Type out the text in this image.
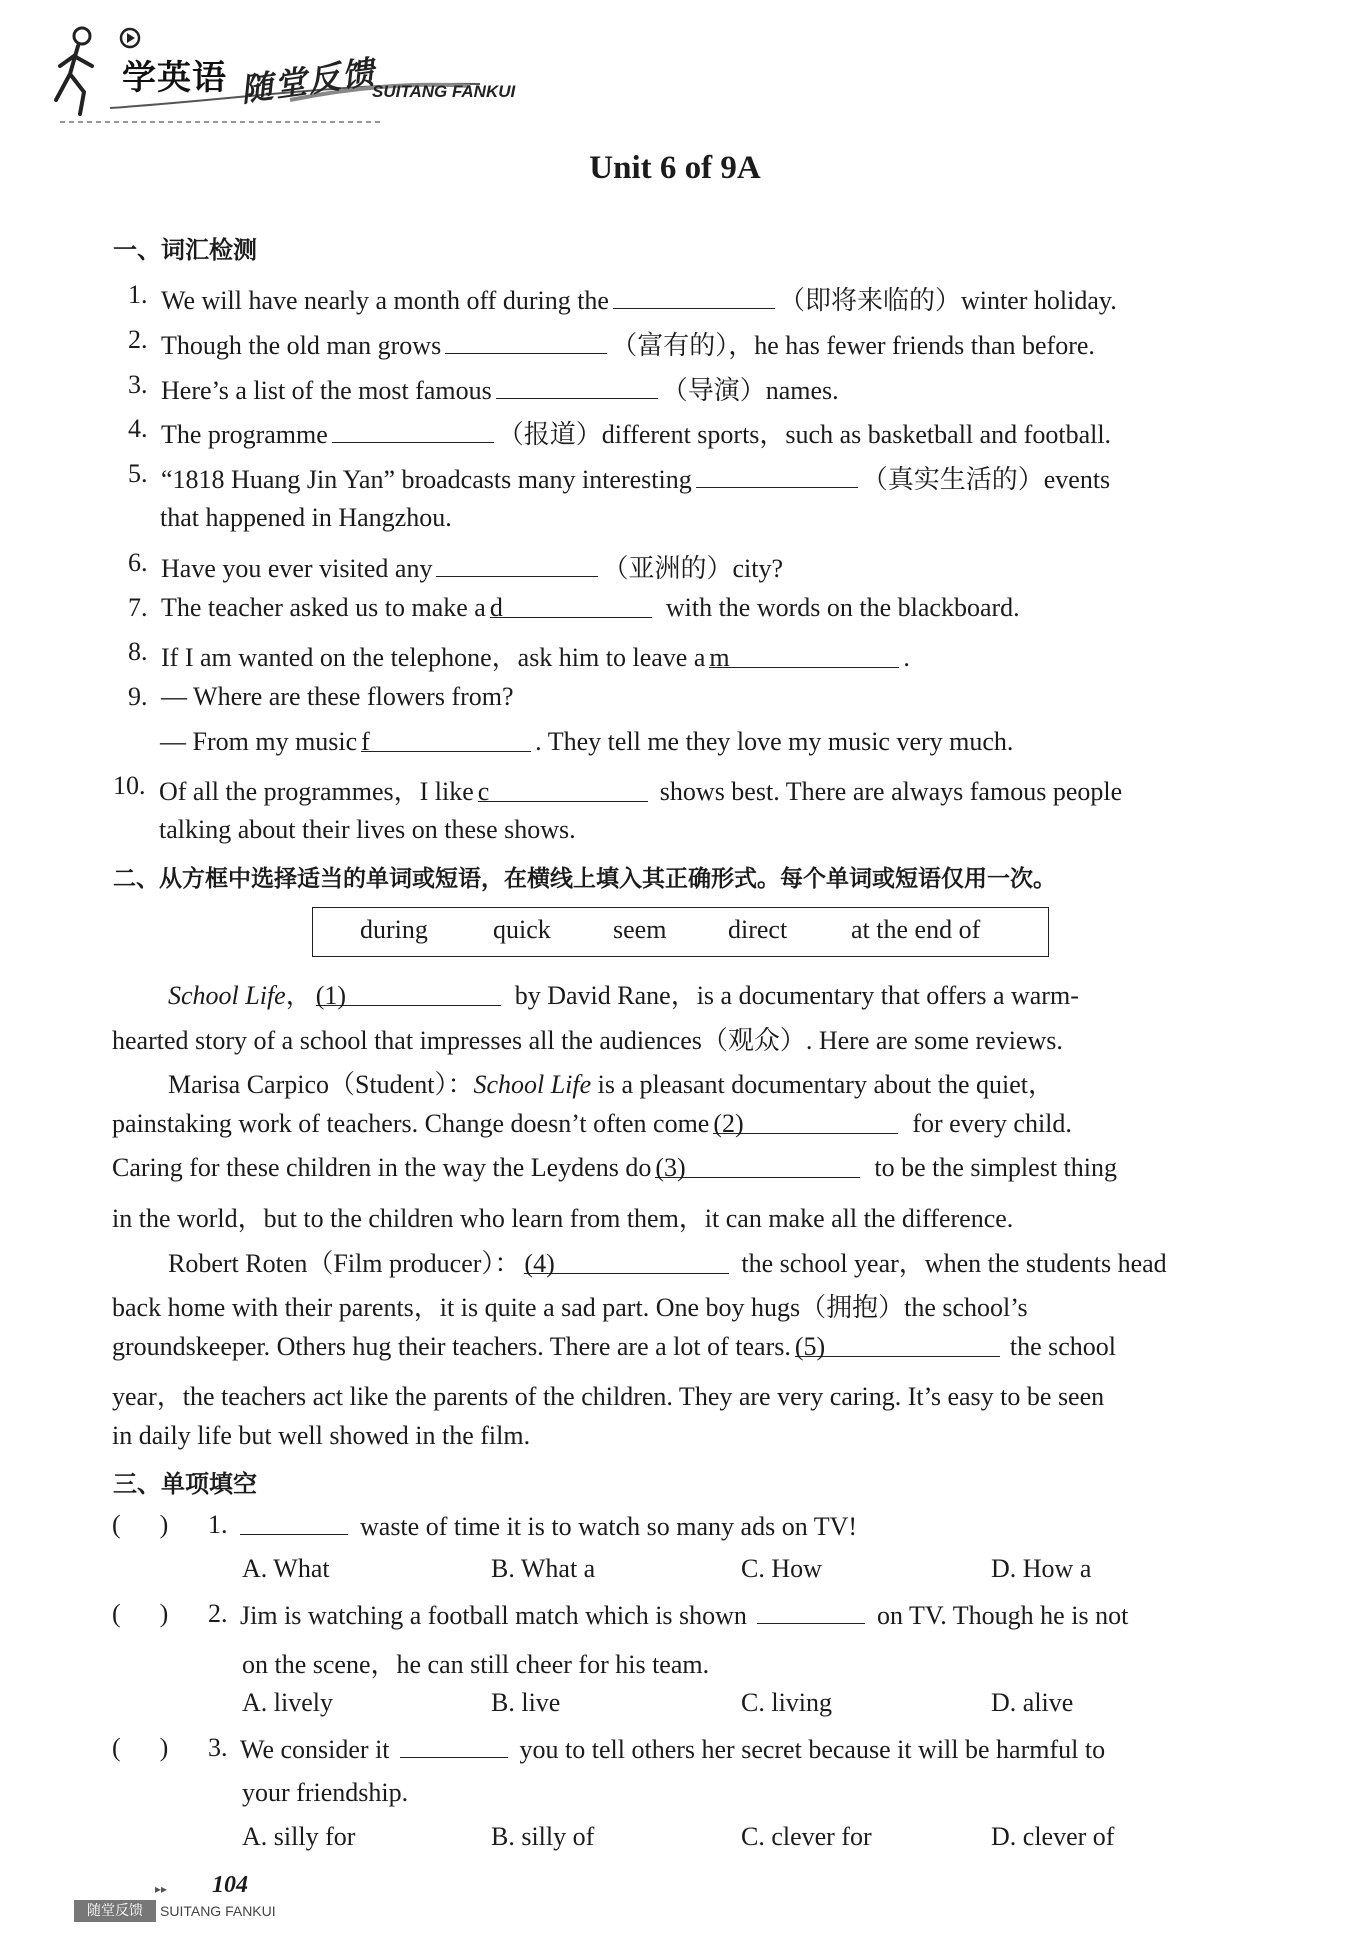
学英语 随堂反馈
SUITANG FANKUI
Unit 6 of 9A
一、词汇检测
1. We will have nearly a month off during the	（即将来临的）winter holiday.
2. Though the old man grows	（富有的），he has fewer friends than before.
3. Here’s a list of the most famous	（导演）names.
4. The programme	（报道）different sports，such as basketball and football.
5. “1818 Huang Jin Yan” broadcasts many interesting	（真实生活的）events
that happened in Hangzhou.
6. Have you ever visited any	（亚洲的）city?
7. The teacher asked us to make a d	with the words on the blackboard.
8. If I am wanted on the telephone，ask him to leave a m	.
9. — Where are these flowers from?
— From my music f	. They tell me they love my music very much.
10. Of all the programmes，I like c	shows best. There are always famous people
talking about their lives on these shows.
二、从方框中选择适当的单词或短语，在横线上填入其正确形式。每个单词或短语仅用一次。
during	quick seem direct at the end of
School Life， (1)	by David Rane，is a documentary that offers a warm-
hearted story of a school that impresses all the audiences（观众）. Here are some reviews.
Marisa Carpico（Student）：School Life is a pleasant documentary about the quiet，
painstaking work of teachers. Change doesn’t often come (2)	for every child.
Caring for these children in the way the Leydens do (3)	to be the simplest thing
in the world，but to the children who learn from them，it can make all the difference.
Robert Roten（Film producer）： (4)	the school year，when the students head
back home with their parents，it is quite a sad part. One boy hugs（拥抱）the school’s
groundskeeper. Others hug their teachers. There are a lot of tears. (5)	the school
year，the teachers act like the parents of the children. They are very caring. It’s easy to be seen
in daily life but well showed in the film.
三、单项填空
(      ) 1.	waste of time it is to watch so many ads on TV!
A. What	B. What a	C. How	D. How a
(      ) 2. Jim is watching a football match which is shown	on TV. Though he is not
on the scene，he can still cheer for his team.
A. lively	B. live	C. living	D. alive
(      ) 3. We consider it	you to tell others her secret because it will be harmful to
your friendship.
A. silly for	B. silly of	C. clever for	D. clever of
▸▸ 104
随堂反馈	SUITANG FANKUI
